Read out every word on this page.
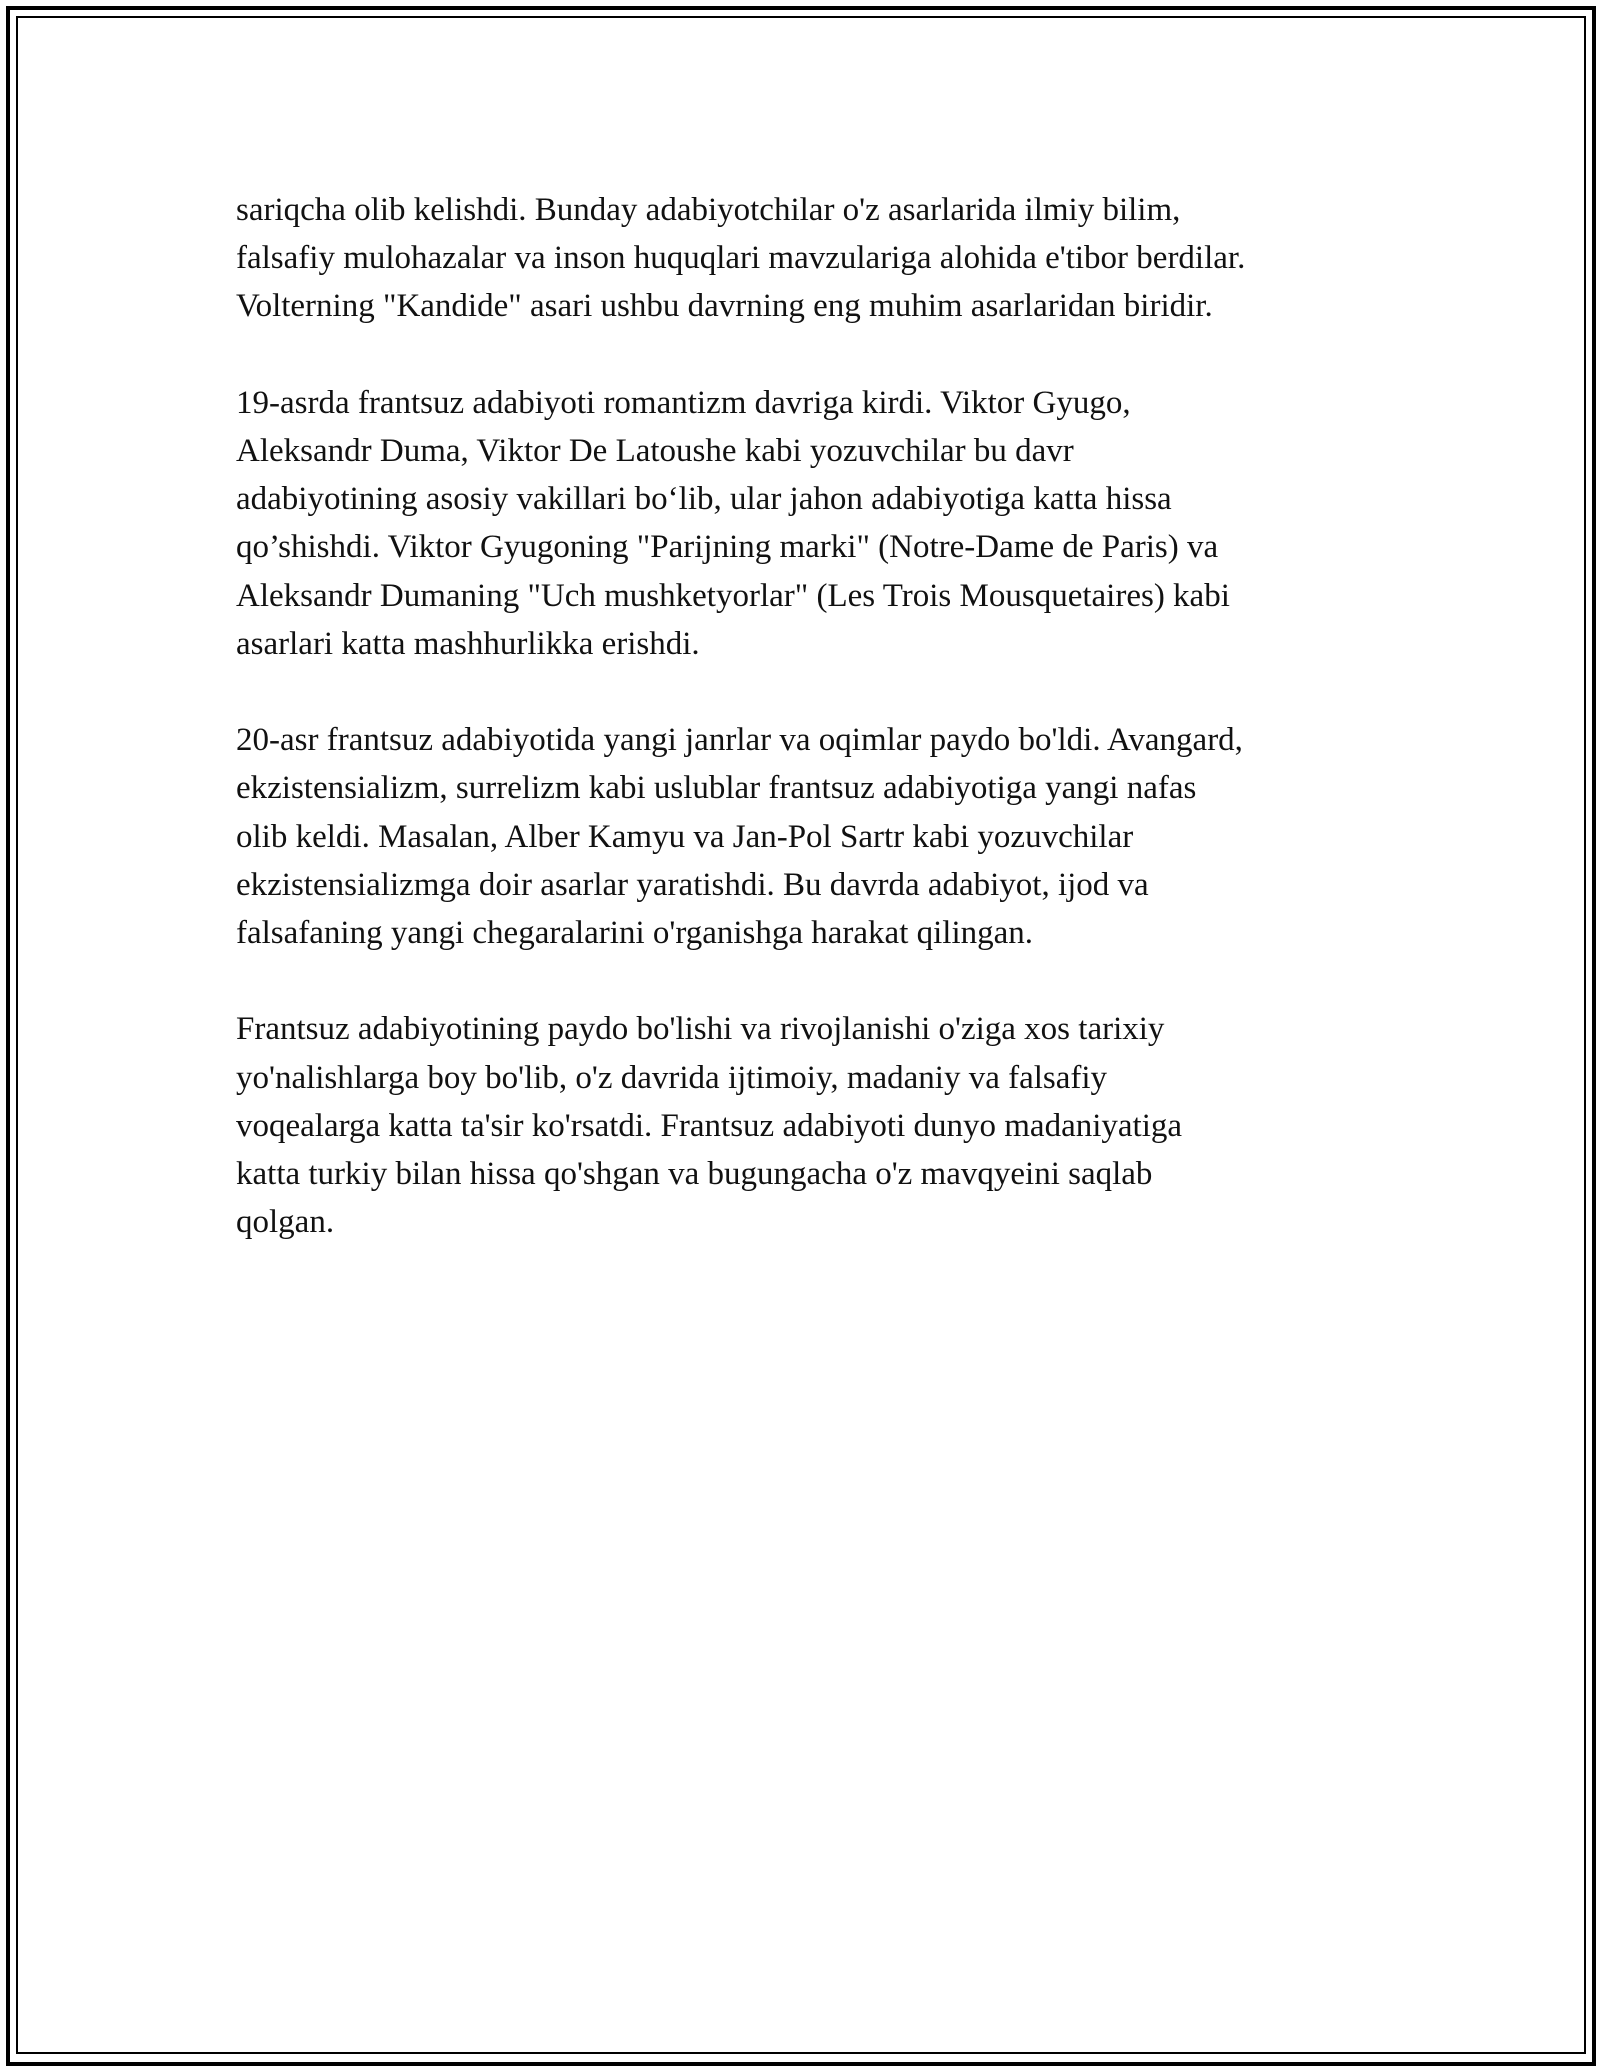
sariqcha olib kelishdi. Bunday adabiyotchilar o'z asarlarida ilmiy bilim,
falsafiy mulohazalar va inson huquqlari mavzulariga alohida e'tibor berdilar.
Volterning "Kandide" asari ushbu davrning eng muhim asarlaridan biridir.

19-asrda frantsuz adabiyoti romantizm davriga kirdi. Viktor Gyugo,
Aleksandr Duma, Viktor De Latoushe kabi yozuvchilar bu davr
adabiyotining asosiy vakillari bo‘lib, ular jahon adabiyotiga katta hissa
qo’shishdi. Viktor Gyugoning "Parijning marki" (Notre-Dame de Paris) va
Aleksandr Dumaning "Uch mushketyorlar" (Les Trois Mousquetaires) kabi
asarlari katta mashhurlikka erishdi.

20-asr frantsuz adabiyotida yangi janrlar va oqimlar paydo bo'ldi. Avangard,
ekzistensializm, surrelizm kabi uslublar frantsuz adabiyotiga yangi nafas
olib keldi. Masalan, Alber Kamyu va Jan-Pol Sartr kabi yozuvchilar
ekzistensializmga doir asarlar yaratishdi. Bu davrda adabiyot, ijod va
falsafaning yangi chegaralarini o'rganishga harakat qilingan.

Frantsuz adabiyotining paydo bo'lishi va rivojlanishi o'ziga xos tarixiy
yo'nalishlarga boy bo'lib, o'z davrida ijtimoiy, madaniy va falsafiy
voqealarga katta ta'sir ko'rsatdi. Frantsuz adabiyoti dunyo madaniyatiga
katta turkiy bilan hissa qo'shgan va bugungacha o'z mavqyeini saqlab
qolgan.
